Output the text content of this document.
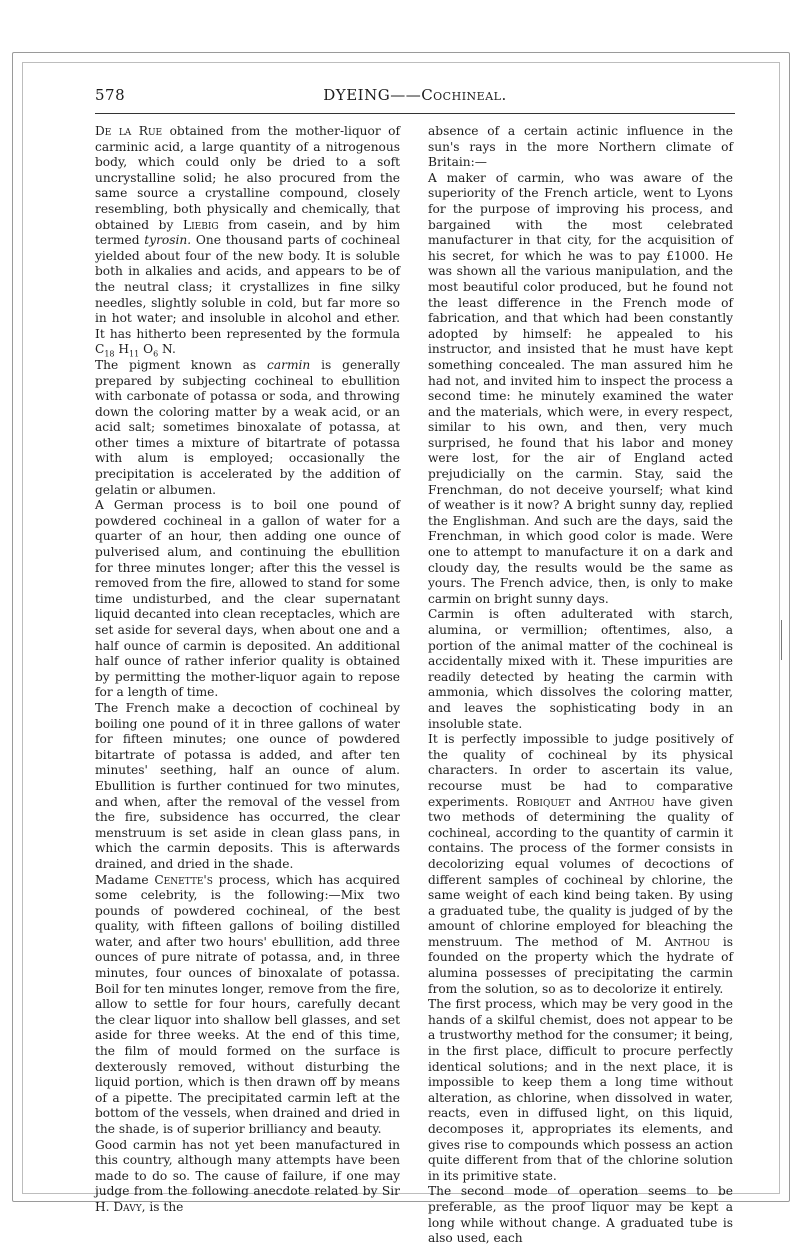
578	DYEING——Cochineal.

De la Rue obtained from the mother-liquor of carminic acid, a large quantity of a nitrogenous body, which could only be dried to a soft uncrystalline solid; he also procured from the same source a crystalline compound, closely resembling, both physically and chemically, that obtained by Liebig from casein, and by him termed tyrosin. One thousand parts of cochineal yielded about four of the new body. It is soluble both in alkalies and acids, and appears to be of the neutral class; it crystallizes in fine silky needles, slightly soluble in cold, but far more so in hot water; and insoluble in alcohol and ether. It has hitherto been represented by the formula $C_{18}$ $H_{11}$ $O_6$ N.

The pigment known as carmin is generally prepared by subjecting cochineal to ebullition with carbonate of potassa or soda, and throwing down the coloring matter by a weak acid, or an acid salt; sometimes binoxalate of potassa, at other times a mixture of bitartrate of potassa with alum is employed; occasionally the precipitation is accelerated by the addition of gelatin or albumen.

A German process is to boil one pound of powdered cochineal in a gallon of water for a quarter of an hour, then adding one ounce of pulverised alum, and continuing the ebullition for three minutes longer; after this the vessel is removed from the fire, allowed to stand for some time undisturbed, and the clear supernatant liquid decanted into clean receptacles, which are set aside for several days, when about one and a half ounce of carmin is deposited. An additional half ounce of rather inferior quality is obtained by permitting the mother-liquor again to repose for a length of time.

The French make a decoction of cochineal by boiling one pound of it in three gallons of water for fifteen minutes; one ounce of powdered bitartrate of potassa is added, and after ten minutes' seething, half an ounce of alum. Ebullition is further continued for two minutes, and when, after the removal of the vessel from the fire, subsidence has occurred, the clear menstruum is set aside in clean glass pans, in which the carmin deposits. This is afterwards drained, and dried in the shade.

Madame Cenette's process, which has acquired some celebrity, is the following:—Mix two pounds of powdered cochineal, of the best quality, with fifteen gallons of boiling distilled water, and after two hours' ebullition, add three ounces of pure nitrate of potassa, and, in three minutes, four ounces of binoxalate of potassa. Boil for ten minutes longer, remove from the fire, allow to settle for four hours, carefully decant the clear liquor into shallow bell glasses, and set aside for three weeks. At the end of this time, the film of mould formed on the surface is dexterously removed, without disturbing the liquid portion, which is then drawn off by means of a pipette. The precipitated carmin left at the bottom of the vessels, when drained and dried in the shade, is of superior brilliancy and beauty.

Good carmin has not yet been manufactured in this country, although many attempts have been made to do so. The cause of failure, if one may judge from the following anecdote related by Sir H. Davy, is the

absence of a certain actinic influence in the sun's rays in the more Northern climate of Britain:—

A maker of carmin, who was aware of the superiority of the French article, went to Lyons for the purpose of improving his process, and bargained with the most celebrated manufacturer in that city, for the acquisition of his secret, for which he was to pay £1000. He was shown all the various manipulation, and the most beautiful color produced, but he found not the least difference in the French mode of fabrication, and that which had been constantly adopted by himself: he appealed to his instructor, and insisted that he must have kept something concealed. The man assured him he had not, and invited him to inspect the process a second time: he minutely examined the water and the materials, which were, in every respect, similar to his own, and then, very much surprised, he found that his labor and money were lost, for the air of England acted prejudicially on the carmin. Stay, said the Frenchman, do not deceive yourself; what kind of weather is it now? A bright sunny day, replied the Englishman. And such are the days, said the Frenchman, in which good color is made. Were one to attempt to manufacture it on a dark and cloudy day, the results would be the same as yours. The French advice, then, is only to make carmin on bright sunny days.

Carmin is often adulterated with starch, alumina, or vermillion; oftentimes, also, a portion of the animal matter of the cochineal is accidentally mixed with it. These impurities are readily detected by heating the carmin with ammonia, which dissolves the coloring matter, and leaves the sophisticating body in an insoluble state.

It is perfectly impossible to judge positively of the quality of cochineal by its physical characters. In order to ascertain its value, recourse must be had to comparative experiments. Robiquet and Anthou have given two methods of determining the quality of cochineal, according to the quantity of carmin it contains. The process of the former consists in decolorizing equal volumes of decoctions of different samples of cochineal by chlorine, the same weight of each kind being taken. By using a graduated tube, the quality is judged of by the amount of chlorine employed for bleaching the menstruum. The method of M. Anthou is founded on the property which the hydrate of alumina possesses of precipitating the carmin from the solution, so as to decolorize it entirely.

The first process, which may be very good in the hands of a skilful chemist, does not appear to be a trustworthy method for the consumer; it being, in the first place, difficult to procure perfectly identical solutions; and in the next place, it is impossible to keep them a long time without alteration, as chlorine, when dissolved in water, reacts, even in diffused light, on this liquid, decomposes it, appropriates its elements, and gives rise to compounds which possess an action quite different from that of the chlorine solution in its primitive state.

The second mode of operation seems to be preferable, as the proof liquor may be kept a long while without change. A graduated tube is also used, each
